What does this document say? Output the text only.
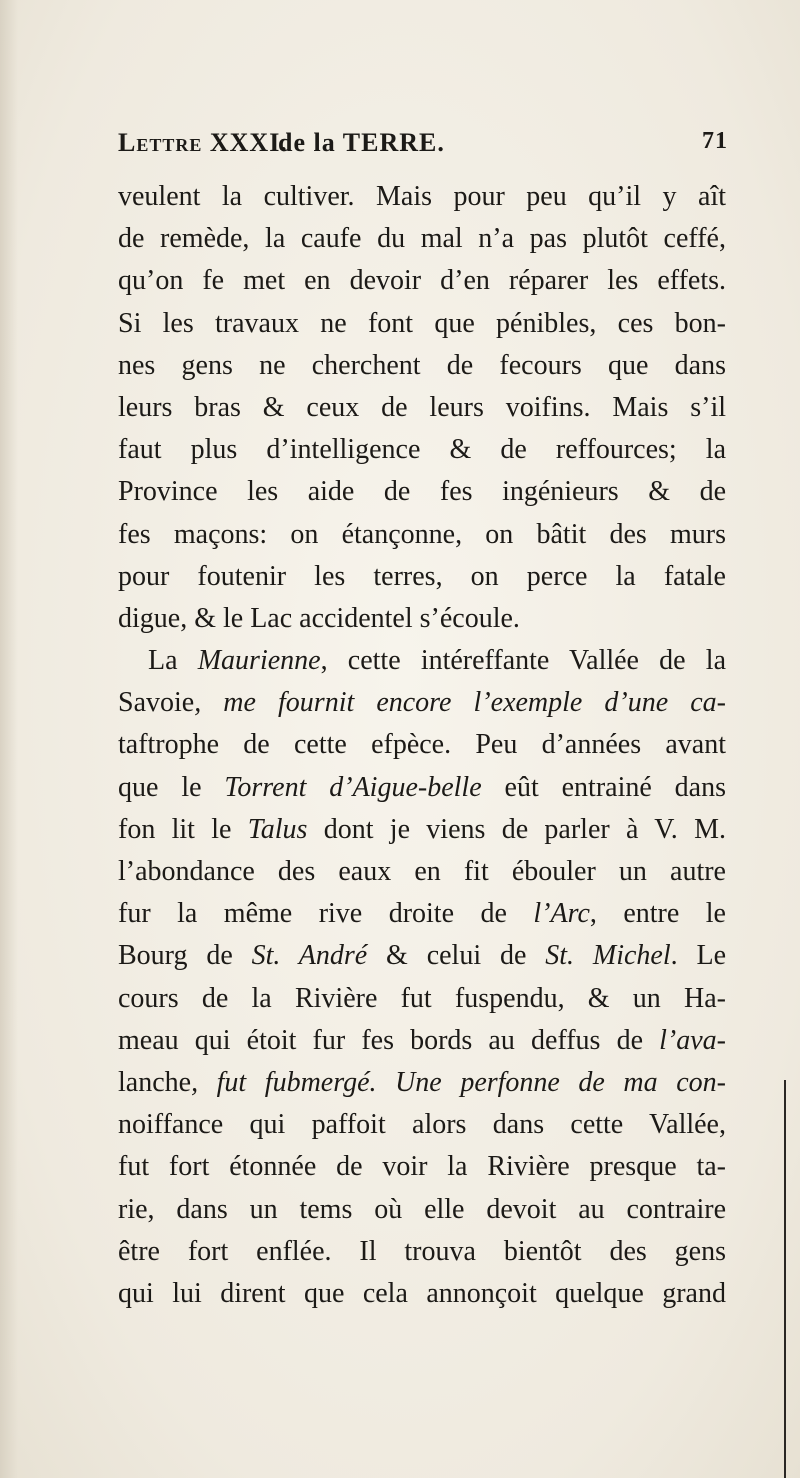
Lettre XXXI.
de la TERRE.	71
veulent la cultiver. Mais pour peu qu’il y aît
de remède, la caufe du mal n’a pas plutôt ceffé,
qu’on fe met en devoir d’en réparer les effets.
Si les travaux ne font que pénibles, ces bon-
nes gens ne cherchent de fecours que dans
leurs bras & ceux de leurs voifins. Mais s’il
faut plus d’intelligence & de reffources; la
Province les aide de fes ingénieurs & de
fes maçons: on étançonne, on bâtit des murs
pour foutenir les terres, on perce la fatale
digue, & le Lac accidentel s’écoule.
La Maurienne, cette intéreffante Vallée de la
Savoie, me fournit encore l’exemple d’une ca-
taftrophe de cette efpèce. Peu d’années avant
que le Torrent d’Aigue-belle eût entrainé dans
fon lit le Talus dont je viens de parler à V. M.
l’abondance des eaux en fit ébouler un autre
fur la même rive droite de l’Arc, entre le
Bourg de St. André & celui de St. Michel. Le
cours de la Rivière fut fuspendu, & un Ha-
meau qui étoit fur fes bords au deffus de l’ava-
lanche, fut fubmergé. Une perfonne de ma con-
noiffance qui paffoit alors dans cette Vallée,
fut fort étonnée de voir la Rivière presque ta-
rie, dans un tems où elle devoit au contraire
être fort enflée. Il trouva bientôt des gens
qui lui dirent que cela annonçoit quelque grand
